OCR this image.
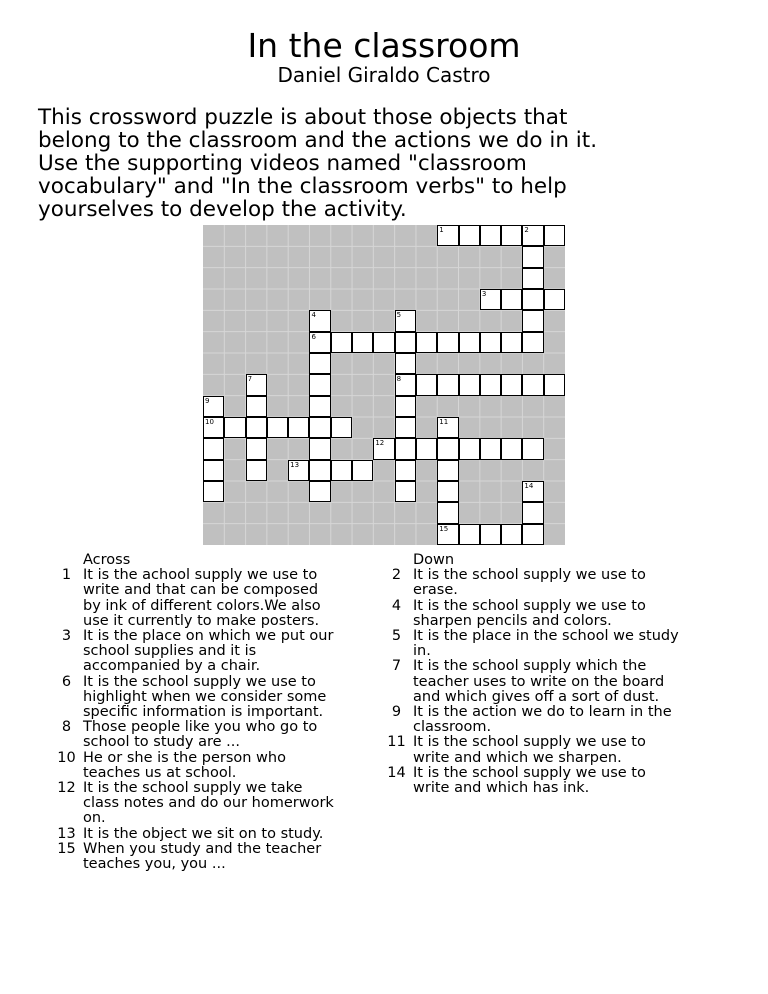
In the classroom
Daniel Giraldo Castro
This crossword puzzle is about those objects that
belong to the classroom and the actions we do in it.
Use the supporting videos named "classroom
vocabulary" and "In the classroom verbs" to help
yourselves to develop the activity.
1	2
3
4
6
5
8
7
9
10	11
15
12
13
14
Across
1 It is the achool supply we use to write and that can be composed by ink of different colors.We also use it currently to make posters.
3 It is the place on which we put our school supplies and it is accompanied by a chair.
6 It is the school supply we use to highlight when we consider some specific information is important.
8 Those people like you who go to school to study are ...
10 He or she is the person who teaches us at school.
12 It is the school supply we take class notes and do our homerwork on.
13 It is the object we sit on to study.
15 When you study and the teacher teaches you, you ...
Down
2 It is the school supply we use to erase.
4 It is the school supply we use to sharpen pencils and colors.
5 It is the place in the school we study in.
7 It is the school supply which the teacher uses to write on the board and which gives off a sort of dust.
9 It is the action we do to learn in the classroom.
11 It is the school supply we use to write and which we sharpen.
14 It is the school supply we use to write and which has ink.
